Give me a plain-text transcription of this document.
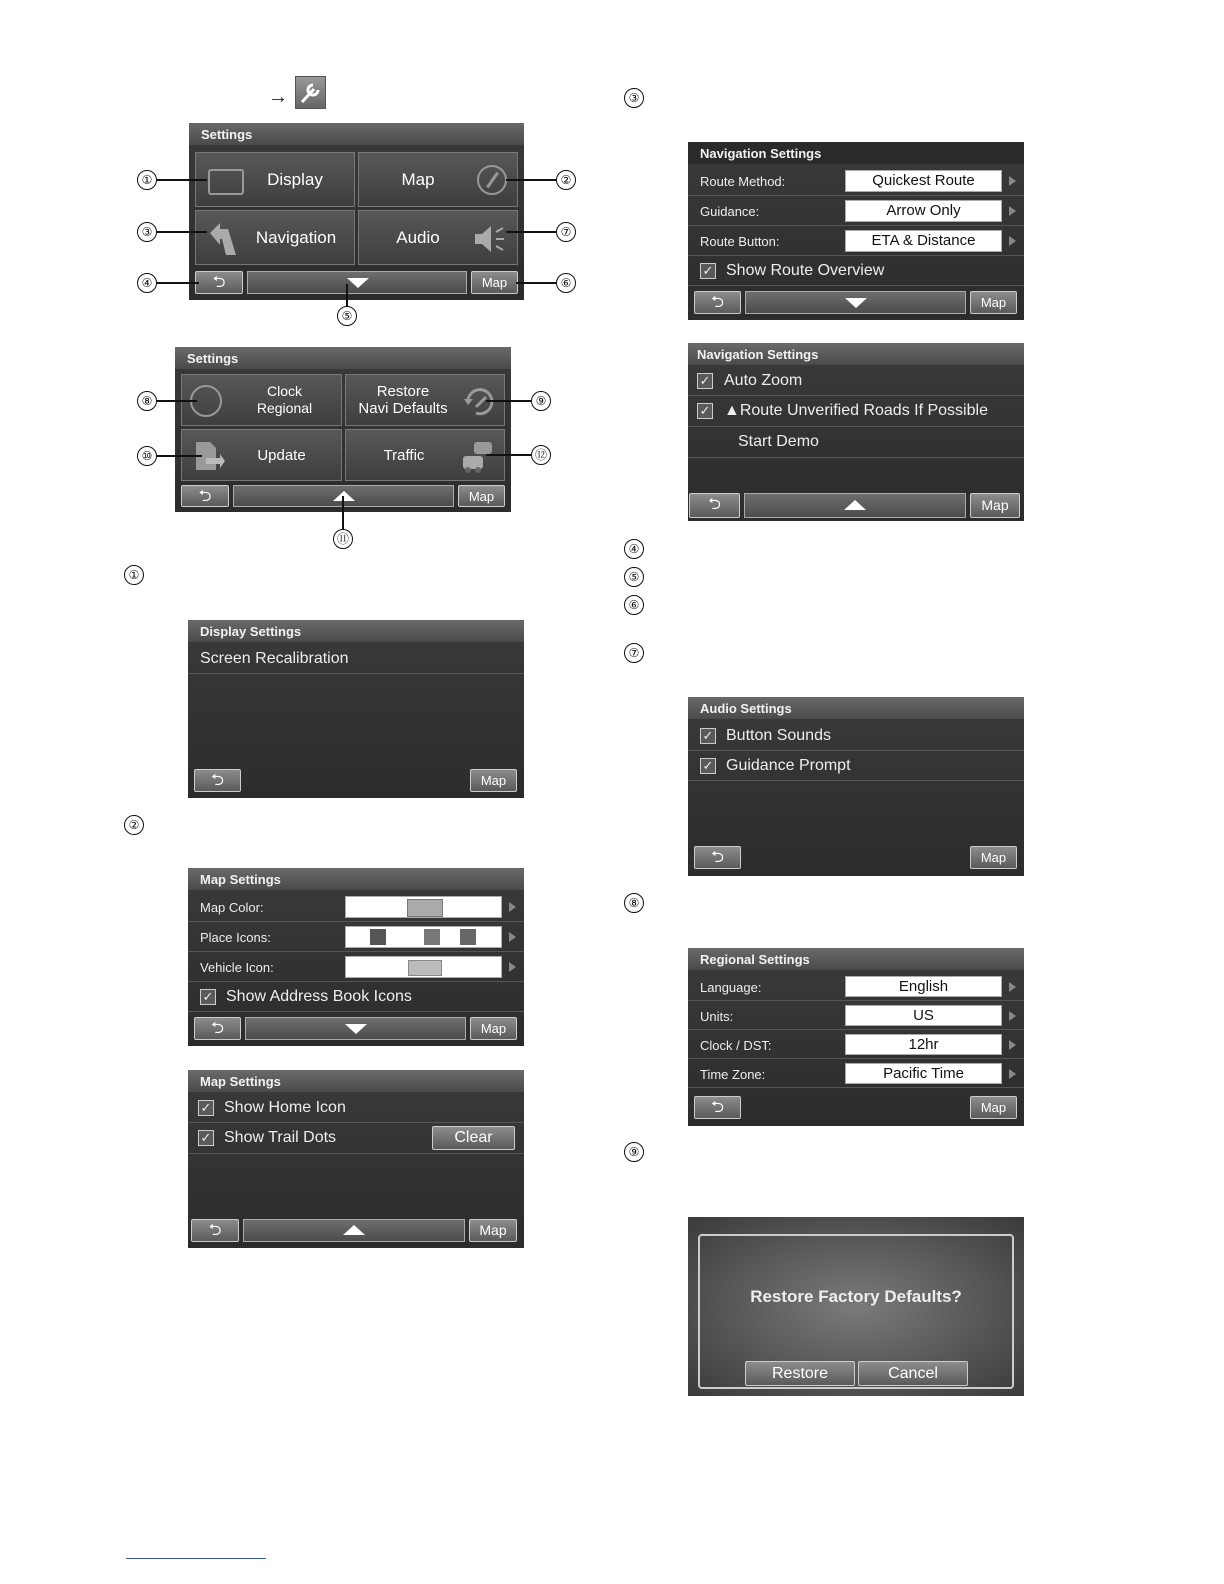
→
Settings
Display	Map
Navigation	Audio
⮌	Map
①	②
③	⑦
④	⑥
⑤
Settings
Clock
Regional
Restore
Navi Defaults
Update	Traffic
⮌	Map
⑧	⑨
⑩	⑫
⑪
①
Display Settings
Screen Recalibration
⮌	Map
②
Map Settings
Map Color:
Place Icons:
Vehicle Icon:
✓ Show Address Book Icons
⮌	Map
Map Settings
✓ Show Home Icon
✓ Show Trail Dots	Clear
⮌	Map
③
Navigation Settings
Route Method:	Quickest Route
Guidance:	Arrow Only
Route Button:	ETA & Distance
✓ Show Route Overview
⮌	Map
Navigation Settings
✓ Auto Zoom
✓ ▲Route Unverified Roads If Possible
Start Demo
⮌	Map
④
⑤
⑥
⑦
Audio Settings
✓ Button Sounds
✓ Guidance Prompt
⮌	Map
⑧
Regional Settings
Language:	English
Units:	US
Clock / DST:	12hr
Time Zone:	Pacific Time
⮌	Map
⑨
Restore Factory Defaults?
Restore	Cancel
